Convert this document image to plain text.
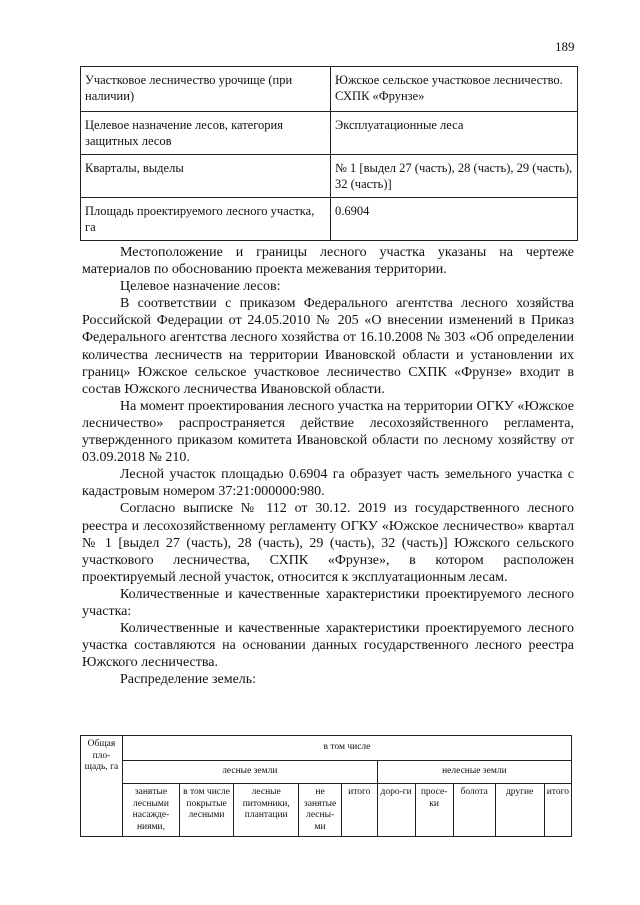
189
Участковое лесничество урочище (при наличии)	Южское сельское участковое лесничество. СХПК «Фрунзе»
Целевое назначение лесов, категория защитных лесов	Эксплуатационные леса
Кварталы, выделы	№ 1 [выдел 27 (часть), 28 (часть), 29 (часть), 32 (часть)]
Площадь проектируемого лесного участка, га	0.6904

Местоположение и границы лесного участка указаны на чертеже материалов по обоснованию проекта межевания территории.

Целевое назначение лесов:

В соответствии с приказом Федерального агентства лесного хозяйства Российской Федерации от 24.05.2010 № 205 «О внесении изменений в Приказ Федерального агентства лесного хозяйства от 16.10.2008 № 303 «Об определении количества лесничеств на территории Ивановской области и установлении их границ» Южское сельское участковое лесничество СХПК «Фрунзе» входит в состав Южского лесничества Ивановской области.

На момент проектирования лесного участка на территории ОГКУ «Южское лесничество» распространяется действие лесохозяйственного регламента, утвержденного приказом комитета Ивановской области по лесному хозяйству от 03.09.2018 № 210.

Лесной участок площадью 0.6904 га образует часть земельного участка с кадастровым номером 37:21:000000:980.

Согласно выписке № 112 от 30.12. 2019 из государственного лесного реестра и лесохозяйственному регламенту ОГКУ «Южское лесничество» квартал № 1 [выдел 27 (часть), 28 (часть), 29 (часть), 32 (часть)] Южского сельского участкового лесничества, СХПК «Фрунзе», в котором расположен проектируемый лесной участок, относится к эксплуатационным лесам.

Количественные и качественные характеристики проектируемого лесного участка:

Количественные и качественные характеристики проектируемого лесного участка составляются на основании данных государственного лесного реестра Южского лесничества.

Распределение земель:

Общая пло-щадь, га	в том числе									
	лесные земли					нелесные земли				
	занятые лесными насажде-ниями,	в том числе покрытые лесными	лесные питомники, плантации	не занятые лесны-ми	итого	доро-ги	просе-ки	болота	другие	итого
